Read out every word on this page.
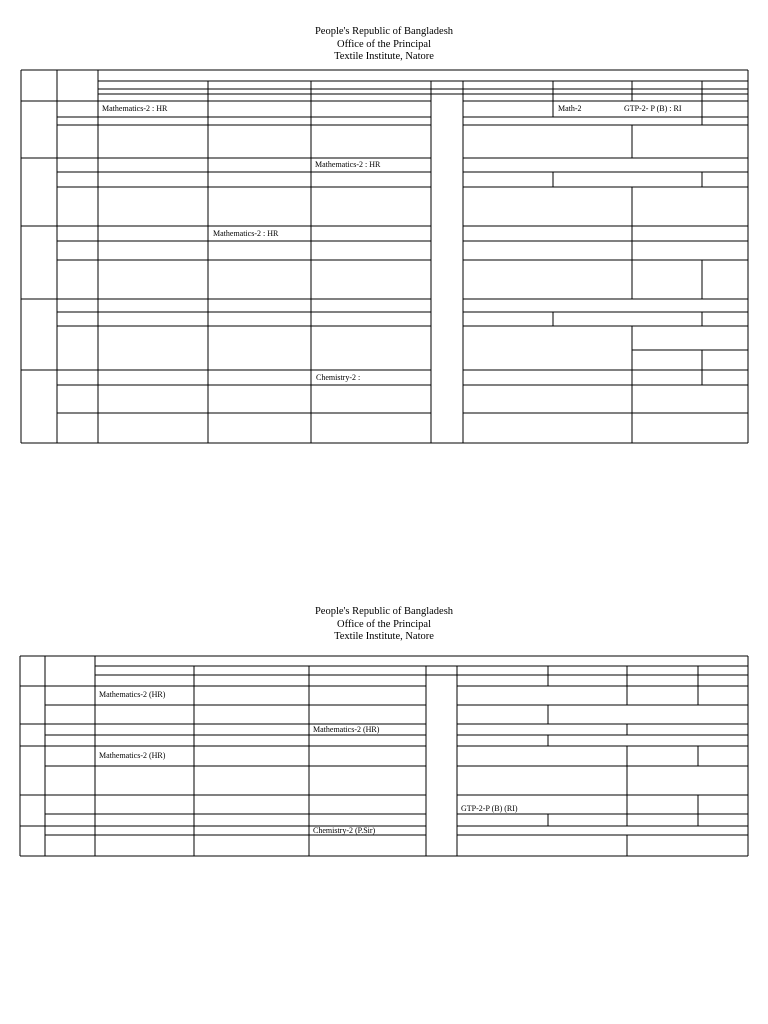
People's Republic of Bangladesh
Office of the Principal
Textile Institute, Natore
People's Republic of Bangladesh
Office of the Principal
Textile Institute, Natore
Mathematics-2 : HR	Math-2	GTP-2- P (B) : RI
Mathematics-2 : HR
Mathematics-2 : HR
Chemistry-2 :
Mathematics-2 (HR)
Mathematics-2 (HR)
Mathematics-2 (HR)
GTP-2-P (B) (RI)
Chemistry-2 (P.Sir)
